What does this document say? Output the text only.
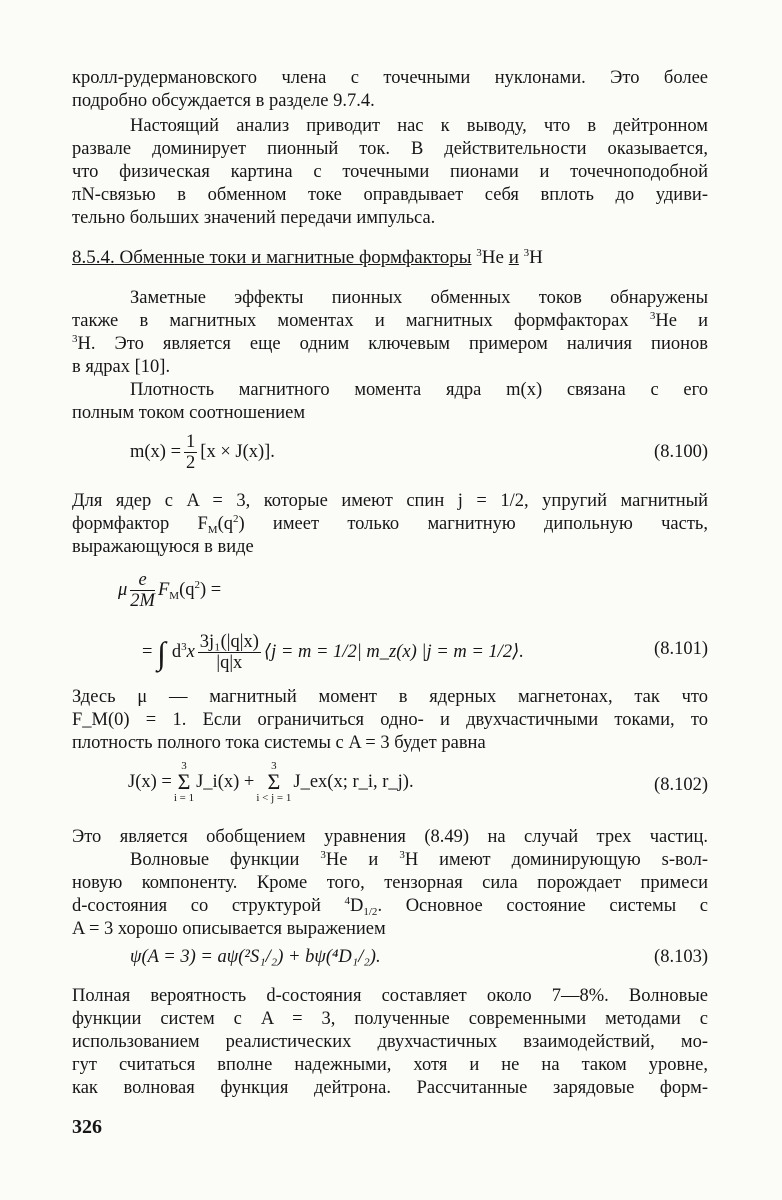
кролл-рудермановского члена с точечными нуклонами. Это более
подробно обсуждается в разделе 9.7.4.
Настоящий анализ приводит нас к выводу, что в дейтронном
развале доминирует пионный ток. В действительности оказывается,
что физическая картина с точечными пионами и точечноподобной
πN-связью в обменном токе оправдывает себя вплоть до удиви-
тельно больших значений передачи импульса.
8.5.4. Обменные токи и магнитные формфакторы $^3$He и $^3$H
Заметные эффекты пионных обменных токов обнаружены
также в магнитных моментах и магнитных формфакторах $^3$He и
$^3$H. Это является еще одним ключевым примером наличия пионов
в ядрах [10].
Плотность магнитного момента ядра m(x) связана с его
полным током соотношением
$m(x) = \frac{1}{2} [x \times J(x)]$.	(8.100)
Для ядер с A = 3, которые имеют спин j = 1/2, упругий магнитный
формфактор $F_M(q^2)$ имеет только магнитную дипольную часть,
выражающуюся в виде
μ $\frac{e}{2M} F_M(q^2)$ =
= ∫ $d^3x \frac{\text{3j₁(|q|x)}}{|q|x}$ ⟨j = m = 1/2| m_z(x) |j = m = 1/2⟩.	(8.101)
Здесь μ — магнитный момент в ядерных магнетонах, так что
F_M(0) = 1. Если ограничиться одно- и двухчастичными токами, то
плотность полного тока системы с A = 3 будет равна
J(x) =3
Σ
i = 1J_i(x) +3
Σ
i < j = 1J_ex(x; r_i, r_j).	(8.102)
Это является обобщением уравнения (8.49) на случай трех частиц.
Волновые функции $^3$He и $^3$H имеют доминирующую s-вол-
новую компоненту. Кроме того, тензорная сила порождает примеси
d-состояния со структурой $^4D_{1/2}$. Основное состояние системы с
A = 3 хорошо описывается выражением
ψ(A = 3) = aψ(²S₁/₂) + bψ(⁴D₁/₂).	(8.103)
Полная вероятность d-состояния составляет около 7—8%. Волновые
функции систем с A = 3, полученные современными методами с
использованием реалистических двухчастичных взаимодействий, мо-
гут считаться вполне надежными, хотя и не на таком уровне,
как волновая функция дейтрона. Рассчитанные зарядовые форм-
326
